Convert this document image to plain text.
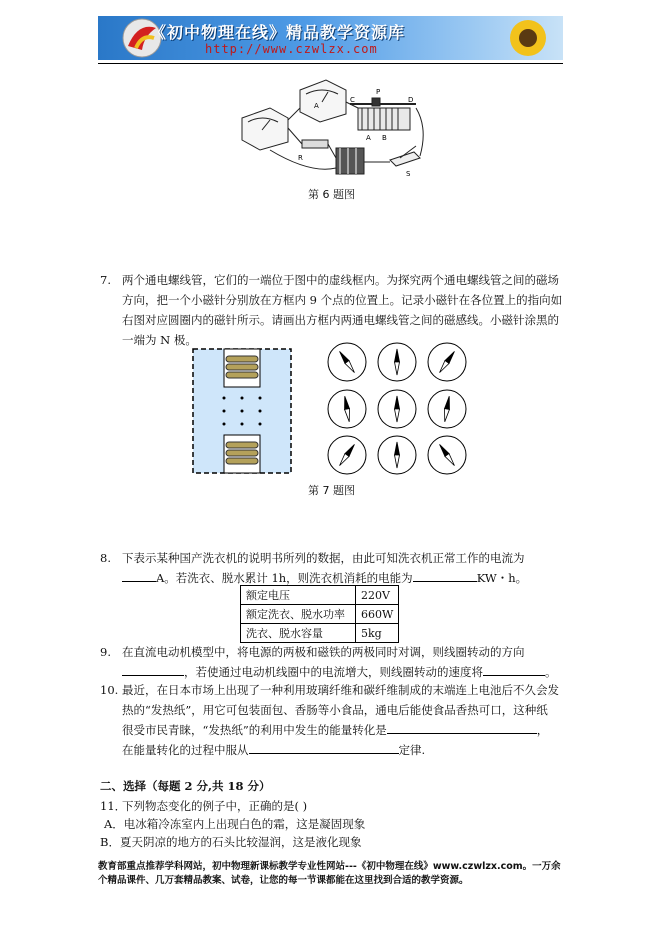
《初中物理在线》精品教学资源库
http://www.czwlzx.com
A
R
S
C
P
D
A B
第 6 题图
7. 两个通电螺线管，它们的一端位于图中的虚线框内。为探究两个通电螺线管之间的磁场
方向，把一个小磁针分别放在方框内 9 个点的位置上。记录小磁针在各位置上的指向如
右图对应圆圈内的磁针所示。请画出方框内两通电螺线管之间的磁感线。小磁针涂黑的
一端为 N 极。
第 7 题图
8. 下表示某种国产洗衣机的说明书所列的数据，由此可知洗衣机正常工作的电流为
A。若洗衣、脱水累计 1h，则洗衣机消耗的电能为	KW・h。
额定电压	220V
额定洗衣、脱水功率	660W
洗衣、脱水容量	5kg
9. 在直流电动机模型中，将电源的两极和磁铁的两极同时对调，则线圈转动的方向
，若使通过电动机线圈中的电流增大，则线圈转动的速度将	。
10. 最近，在日本市场上出现了一种利用玻璃纤维和碳纤维制成的末端连上电池后不久会发
热的“发热纸”，用它可包装面包、香肠等小食品，通电后能使食品香热可口，这种纸
很受市民青睐，“发热纸”的利用中发生的能量转化是	，
在能量转化的过程中服从	定律.
二、选择（每题 2 分,共 18 分）
11．
下列物态变化的例子中，正确的是( )
A．电冰箱冷冻室内上出现白色的霜，这是凝固现象
B．夏天阴凉的地方的石头比较湿润，这是液化现象
教育部重点推荐学科网站，初中物理新课标教学专业性网站---《初中物理在线》www.czwlzx.com。一万余
个精品课件、几万套精品教案、试卷，让您的每一节课都能在这里找到合适的教学资源。
